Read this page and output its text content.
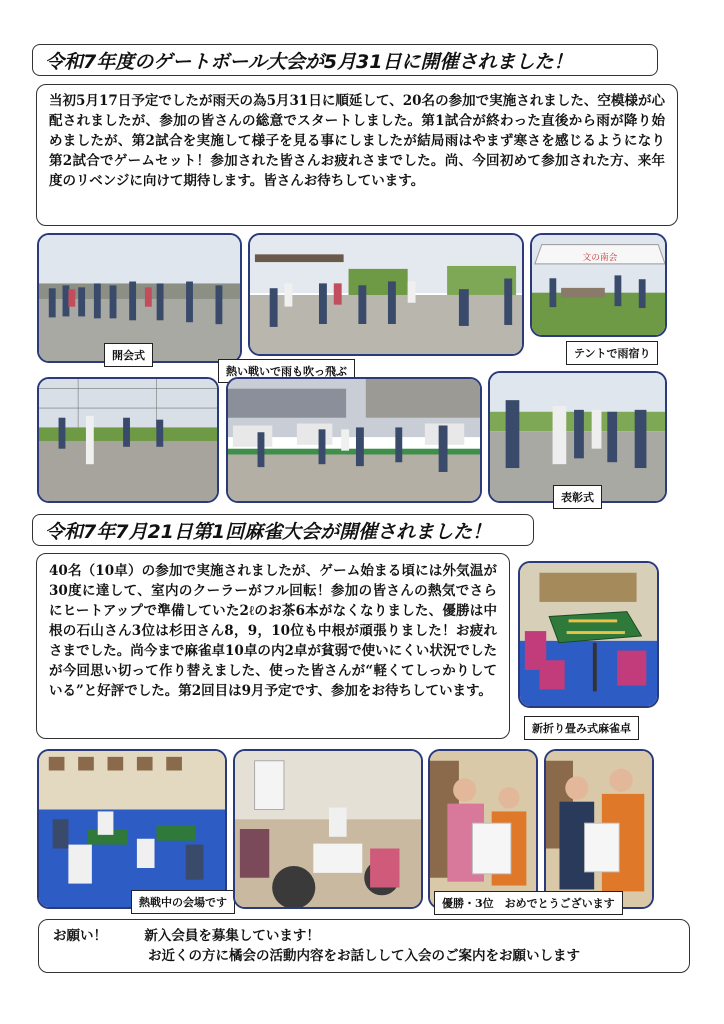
令和7年度のゲートボール大会が5月31日に開催されました！
当初5月17日予定でしたが雨天の為5月31日に順延して、20名の参加で実施されました、空模様が心配されましたが、参加の皆さんの総意でスタートしました。第1試合が終わった直後から雨が降り始めましたが、第2試合を実施して様子を見る事にしましたが結局雨はやまず寒さを感じるようになり第2試合でゲームセット！参加された皆さんお疲れさまでした。尚、今回初めて参加された方、来年度のリベンジに向けて期待します。皆さんお待ちしています。
開会式
熱い戦いで雨も吹っ飛ぶ
文の南会
テントで雨宿り
表彰式
令和7年7月21日第1回麻雀大会が開催されました！
40名（10卓）の参加で実施されましたが、ゲーム始まる頃には外気温が30度に達して、室内のクーラーがフル回転！参加の皆さんの熱気でさらにヒートアップで準備していた2ℓのお茶6本がなくなりました、優勝は中根の石山さん3位は杉田さん8，9，10位も中根が頑張りました！お疲れさまでした。尚今まで麻雀卓10卓の内2卓が貧弱で使いにくい状況でしたが今回思い切って作り替えました、使った皆さんが“軽くてしっかりしている”と好評でした。第2回目は9月予定です、参加をお待ちしています。
新折り畳み式麻雀卓
熱戦中の会場です	優勝・3位　おめでとうございます
お願い！	新入会員を募集しています！
お近くの方に橘会の活動内容をお話しして入会のご案内をお願いします
